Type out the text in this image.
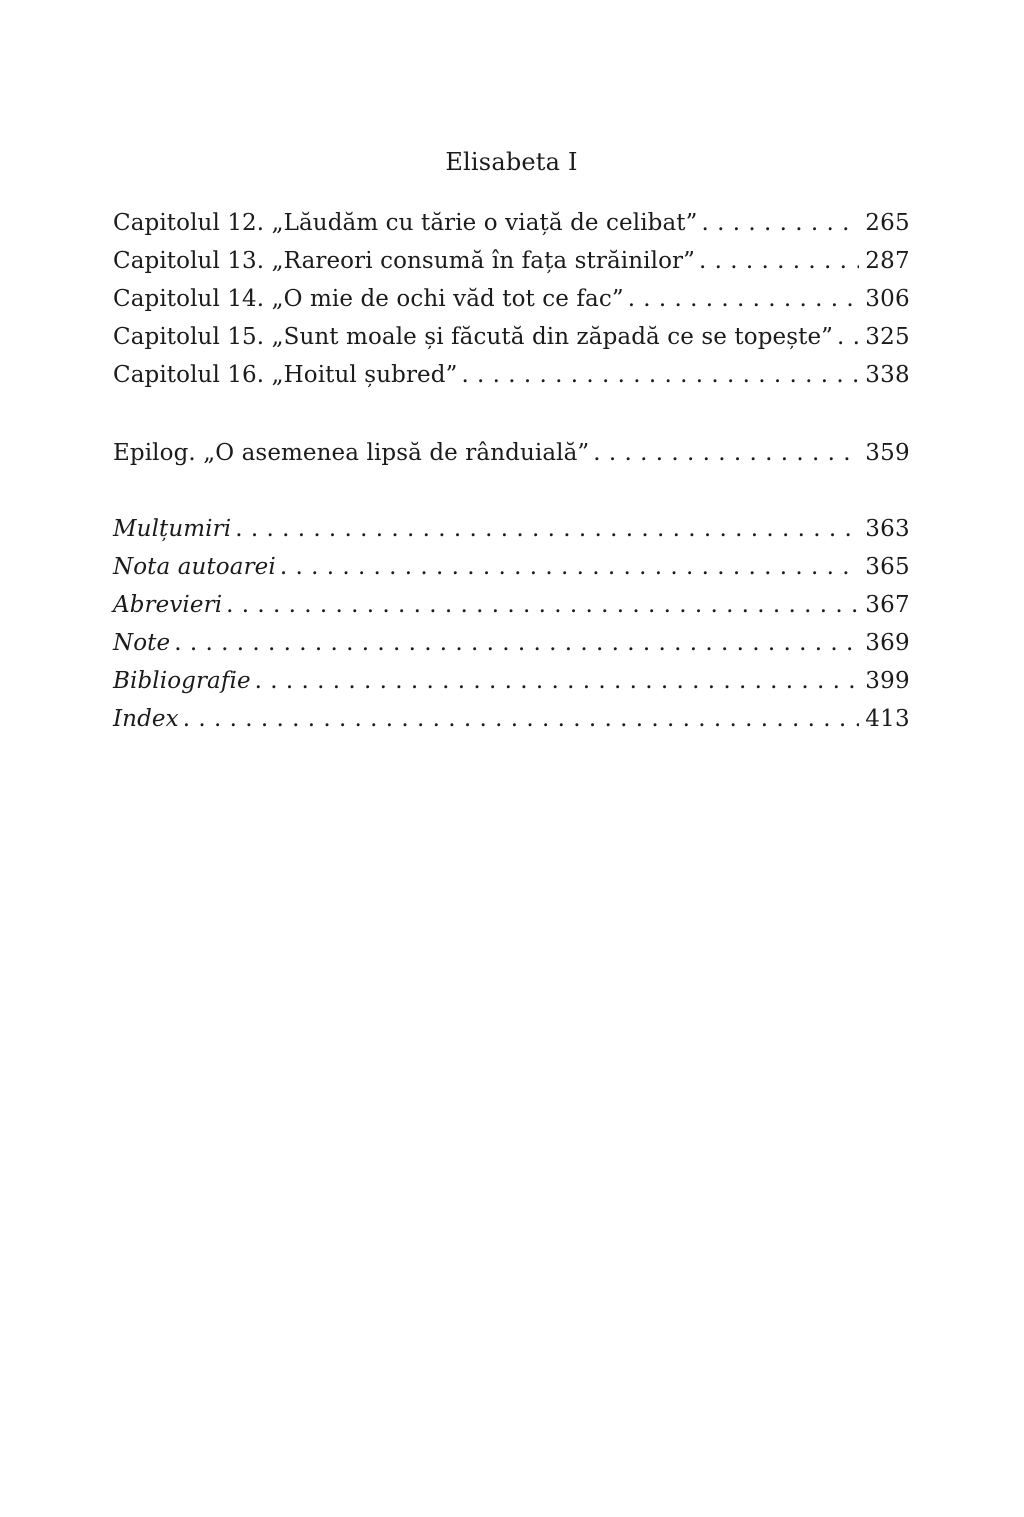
Elisabeta I
Capitolul 12. „Lăudăm cu tărie o viață de celibat” . . .	265
Capitolul 13. „Rareori consumă în fața străinilor” . . .	287
Capitolul 14. „O mie de ochi văd tot ce fac” . . .	306
Capitolul 15. „Sunt moale și făcută din zăpadă ce se topește” . . . 325
Capitolul 16. „Hoitul șubred” . . .	338
Epilog. „O asemenea lipsă de rânduială” . . .	359
Mulțumiri . . .	363
Nota autoarei . . .	365
Abrevieri . . .	367
Note . . .	369
Bibliografie . . .	399
Index . . .	413
